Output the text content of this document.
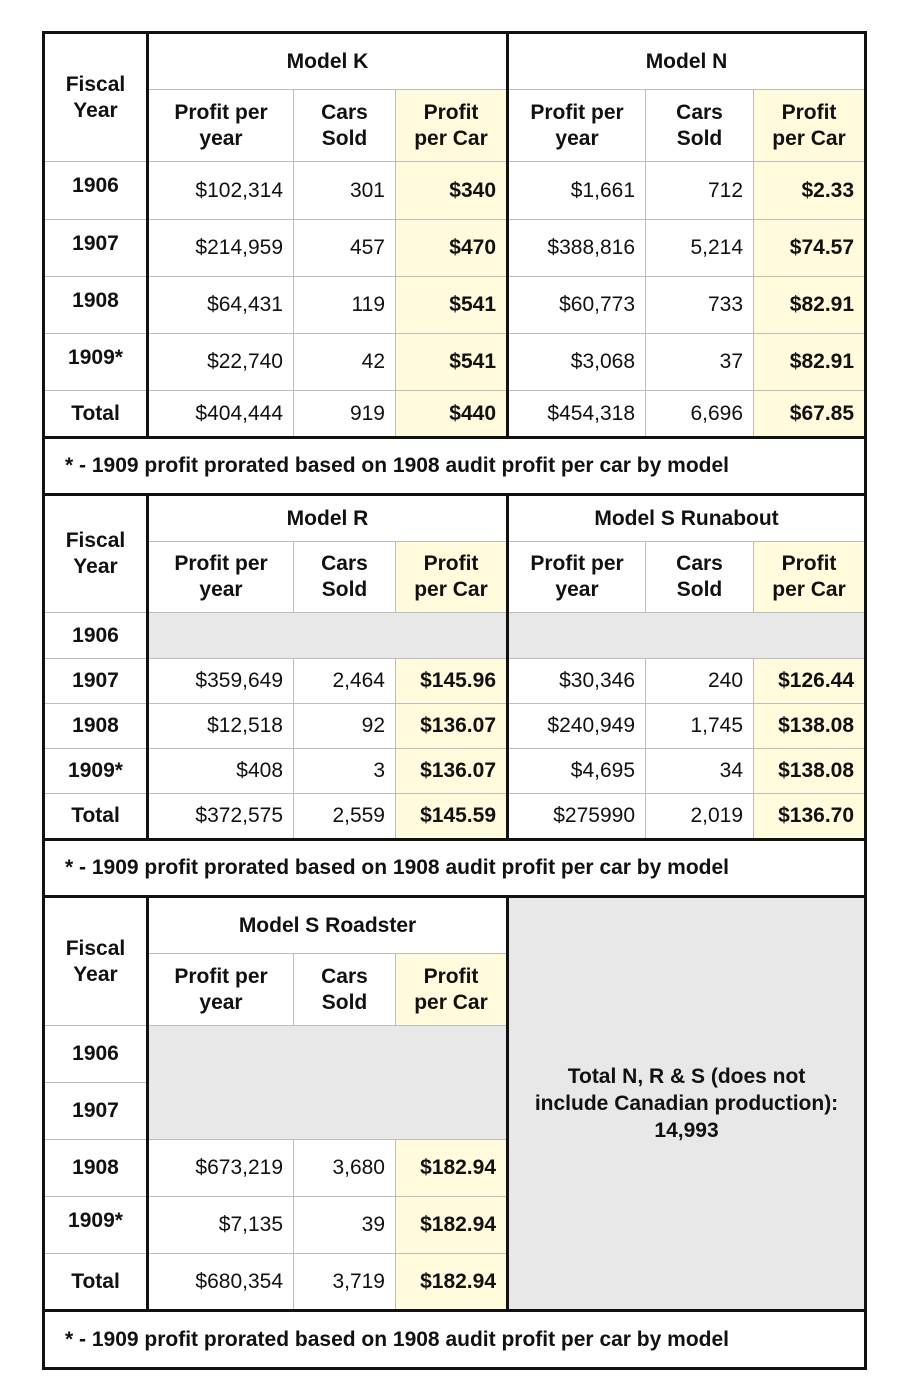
Fiscal Year	Model K			Model N		

	Profit per year	Cars Sold	Profit per Car	Profit per year	Cars Sold	Profit per Car

1906	$102,314	301	$340	$1,661	712	$2.33
1907	$214,959	457	$470	$388,816	5,214	$74.57
1908	$64,431	119	$541	$60,773	733	$82.91
1909*	$22,740	42	$541	$3,068	37	$82.91
Total	$404,444	919	$440	$454,318	6,696	$67.85
* - 1909 profit prorated based on 1908 audit profit per car by model						

Fiscal Year	Model R			Model S Runabout		

	Profit per year	Cars Sold	Profit per Car	Profit per year	Cars Sold	Profit per Car

1906						
1907	$359,649	2,464	$145.96	$30,346	240	$126.44
1908	$12,518	92	$136.07	$240,949	1,745	$138.08
1909*	$408	3	$136.07	$4,695	34	$138.08
Total	$372,575	2,559	$145.59	$275990	2,019	$136.70
* - 1909 profit prorated based on 1908 audit profit per car by model						

Fiscal Year	Model S Roadster			Total N, R & S (does not
include Canadian production):
14,993		

	Profit per year	Cars Sold	Profit per Car			

1906						
1907						
1908	$673,219	3,680	$182.94			
1909*	$7,135	39	$182.94			
Total	$680,354	3,719	$182.94			
* - 1909 profit prorated based on 1908 audit profit per car by model						
